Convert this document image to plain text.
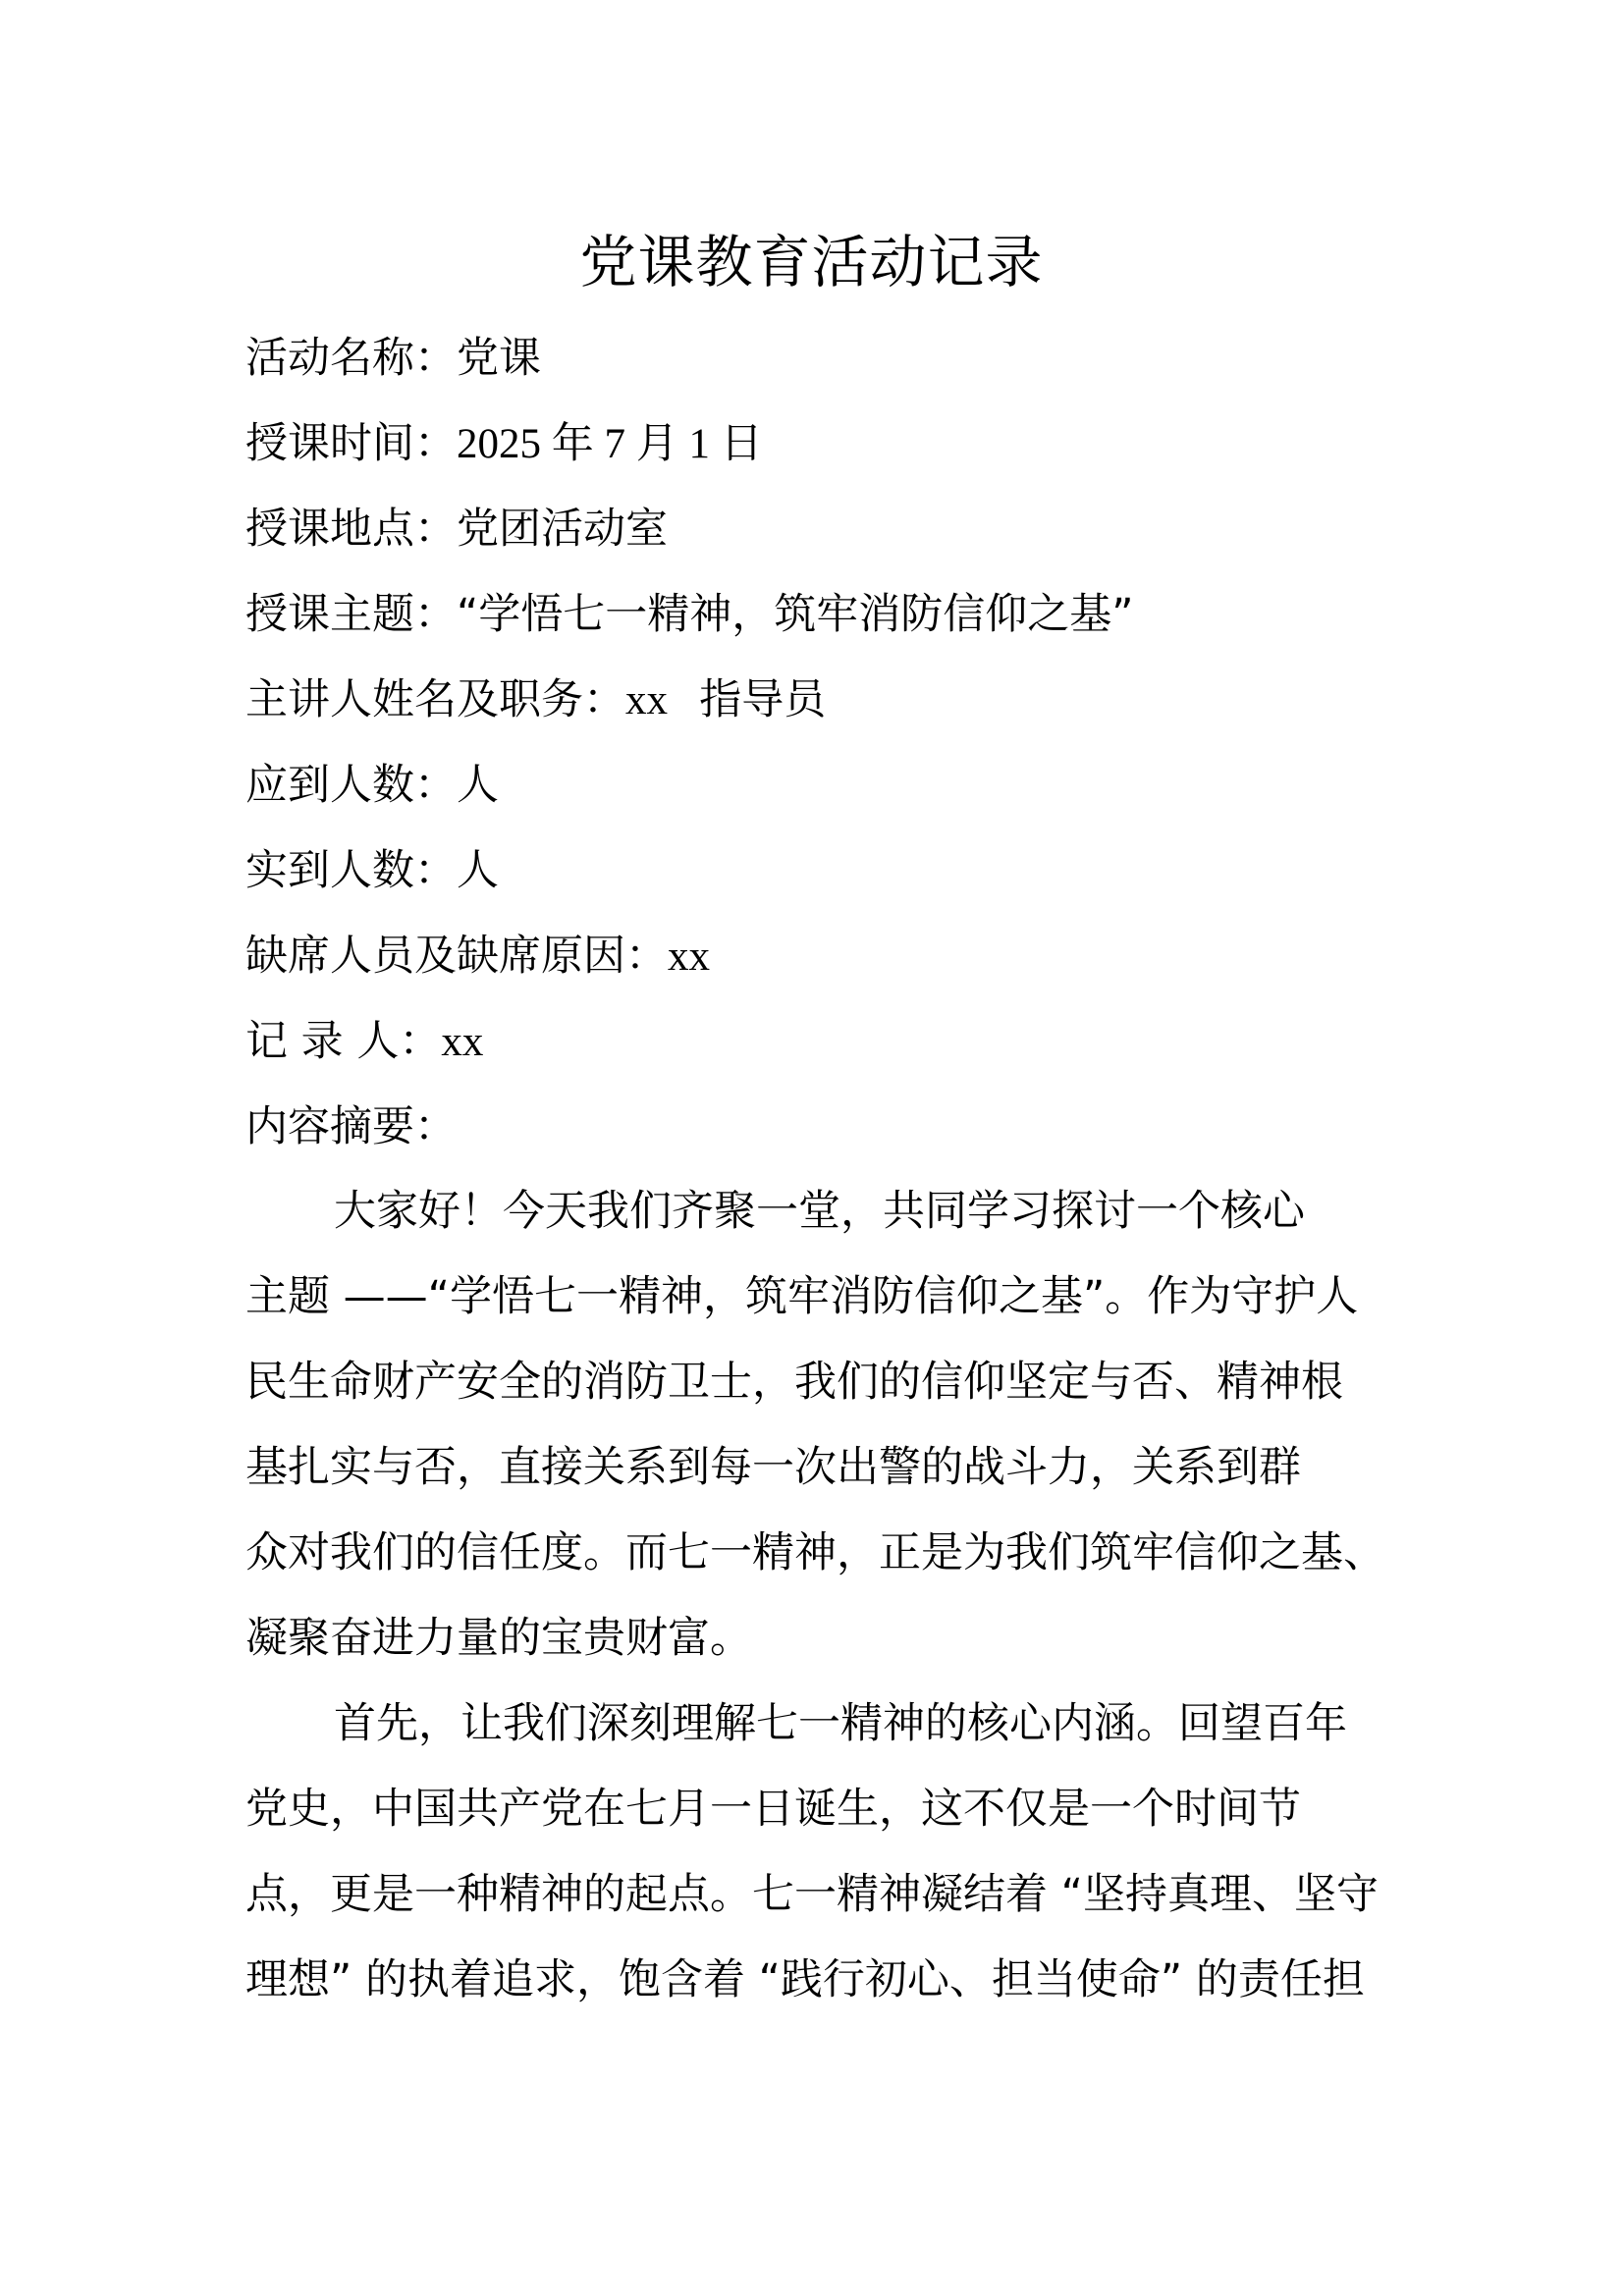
党课教育活动记录
活动名称：党课
授课时间：2025 年 7 月 1 日
授课地点：党团活动室
授课主题：“学悟七一精神，筑牢消防信仰之基”
主讲人姓名及职务：xx   指导员
应到人数：人
实到人数：人
缺席人员及缺席原因：xx
记 录 人：xx
内容摘要：
大家好！今天我们齐聚一堂，共同学习探讨一个核心
主题 ——“学悟七一精神，筑牢消防信仰之基”。作为守护人
民生命财产安全的消防卫士，我们的信仰坚定与否、精神根
基扎实与否，直接关系到每一次出警的战斗力，关系到群
众对我们的信任度。而七一精神，正是为我们筑牢信仰之基、
凝聚奋进力量的宝贵财富。
首先，让我们深刻理解七一精神的核心内涵。回望百年
党史，中国共产党在七月一日诞生，这不仅是一个时间节
点，更是一种精神的起点。七一精神凝结着 “坚持真理、坚守
理想” 的执着追求，饱含着 “践行初心、担当使命” 的责任担
